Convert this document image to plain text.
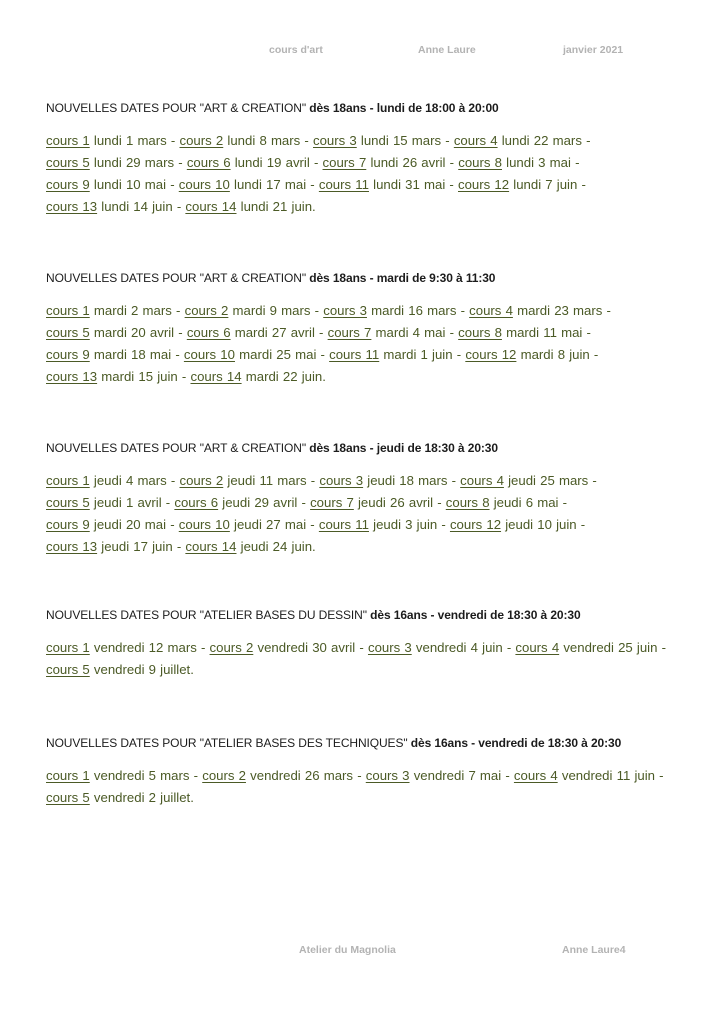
cours d'art	Anne Laure	janvier 2021
NOUVELLES DATES POUR "ART & CREATION" dès 18ans - lundi de 18:00 à 20:00
cours 1 lundi 1 mars - cours 2 lundi 8 mars - cours 3 lundi 15 mars - cours 4 lundi 22 mars - cours 5 lundi 29 mars - cours 6 lundi 19 avril - cours 7 lundi 26 avril - cours 8 lundi 3 mai - cours 9 lundi 10 mai - cours 10 lundi 17 mai - cours 11 lundi 31 mai - cours 12 lundi 7 juin - cours 13 lundi 14 juin - cours 14 lundi 21 juin.
NOUVELLES DATES POUR "ART & CREATION" dès 18ans - mardi de 9:30 à 11:30
cours 1 mardi 2 mars - cours 2 mardi 9 mars - cours 3 mardi 16 mars - cours 4 mardi 23 mars - cours 5 mardi 20 avril - cours 6 mardi 27 avril - cours 7 mardi 4 mai - cours 8 mardi 11 mai - cours 9 mardi 18 mai - cours 10 mardi 25 mai - cours 11 mardi 1 juin - cours 12 mardi 8 juin - cours 13 mardi 15 juin - cours 14 mardi 22 juin.
NOUVELLES DATES POUR "ART & CREATION" dès 18ans - jeudi de 18:30 à 20:30
cours 1 jeudi 4 mars - cours 2 jeudi 11 mars - cours 3 jeudi 18 mars - cours 4 jeudi 25 mars - cours 5 jeudi 1 avril - cours 6 jeudi 29 avril - cours 7 jeudi 26 avril - cours 8 jeudi 6 mai - cours 9 jeudi 20 mai - cours 10 jeudi 27 mai - cours 11 jeudi 3 juin - cours 12 jeudi 10 juin - cours 13 jeudi 17 juin - cours 14 jeudi 24 juin.
NOUVELLES DATES POUR "ATELIER BASES DU DESSIN" dès 16ans - vendredi de 18:30 à 20:30
cours 1 vendredi 12 mars - cours 2 vendredi 30 avril - cours 3 vendredi 4 juin - cours 4 vendredi 25 juin - cours 5 vendredi 9 juillet.
NOUVELLES DATES POUR "ATELIER BASES DES TECHNIQUES" dès 16ans - vendredi de 18:30 à 20:30
cours 1 vendredi 5 mars - cours 2 vendredi 26 mars - cours 3 vendredi 7 mai - cours 4 vendredi 11 juin - cours 5 vendredi 2 juillet.
Atelier du Magnolia	Anne Laure4
